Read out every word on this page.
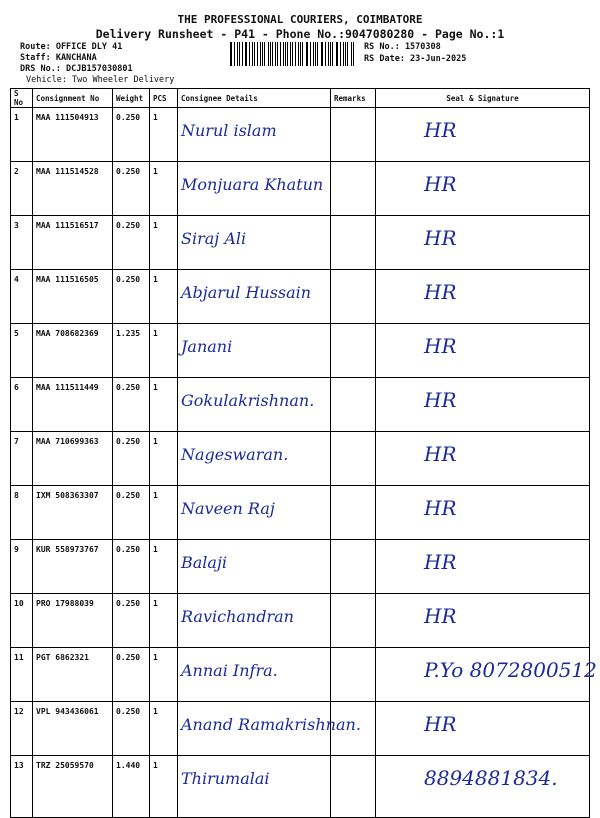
THE PROFESSIONAL COURIERS, COIMBATORE
Delivery Runsheet - P41 - Phone No.:9047080280 - Page No.:1
Route: OFFICE DLY 41
Staff: KANCHANA
DRS No.: DCJB157030801
Vehicle: Two Wheeler Delivery
RS No.: 1570308
RS Date: 23-Jun-2025
S No	Consignment No	Weight	PCS	Consignee Details	Remarks	Seal & Signature
1	MAA 111504913	0.250	1	Nurul islam		HR
2	MAA 111514528	0.250	1	Monjuara Khatun		HR
3	MAA 111516517	0.250	1	Siraj Ali		HR
4	MAA 111516505	0.250	1	Abjarul Hussain		HR
5	MAA 708682369	1.235	1	Janani		HR
6	MAA 111511449	0.250	1	Gokulakrishnan.		HR
7	MAA 710699363	0.250	1	Nageswaran.		HR
8	IXM 508363307	0.250	1	Naveen Raj		HR
9	KUR 558973767	0.250	1	Balaji		HR
10	PRO 17988039	0.250	1	Ravichandran		HR
11	PGT 6862321	0.250	1	Annai Infra.		P.Yo 8072800512
12	VPL 943436061	0.250	1	Anand Ramakrishnan.		HR
13	TRZ 25059570	1.440	1	Thirumalai		8894881834.
